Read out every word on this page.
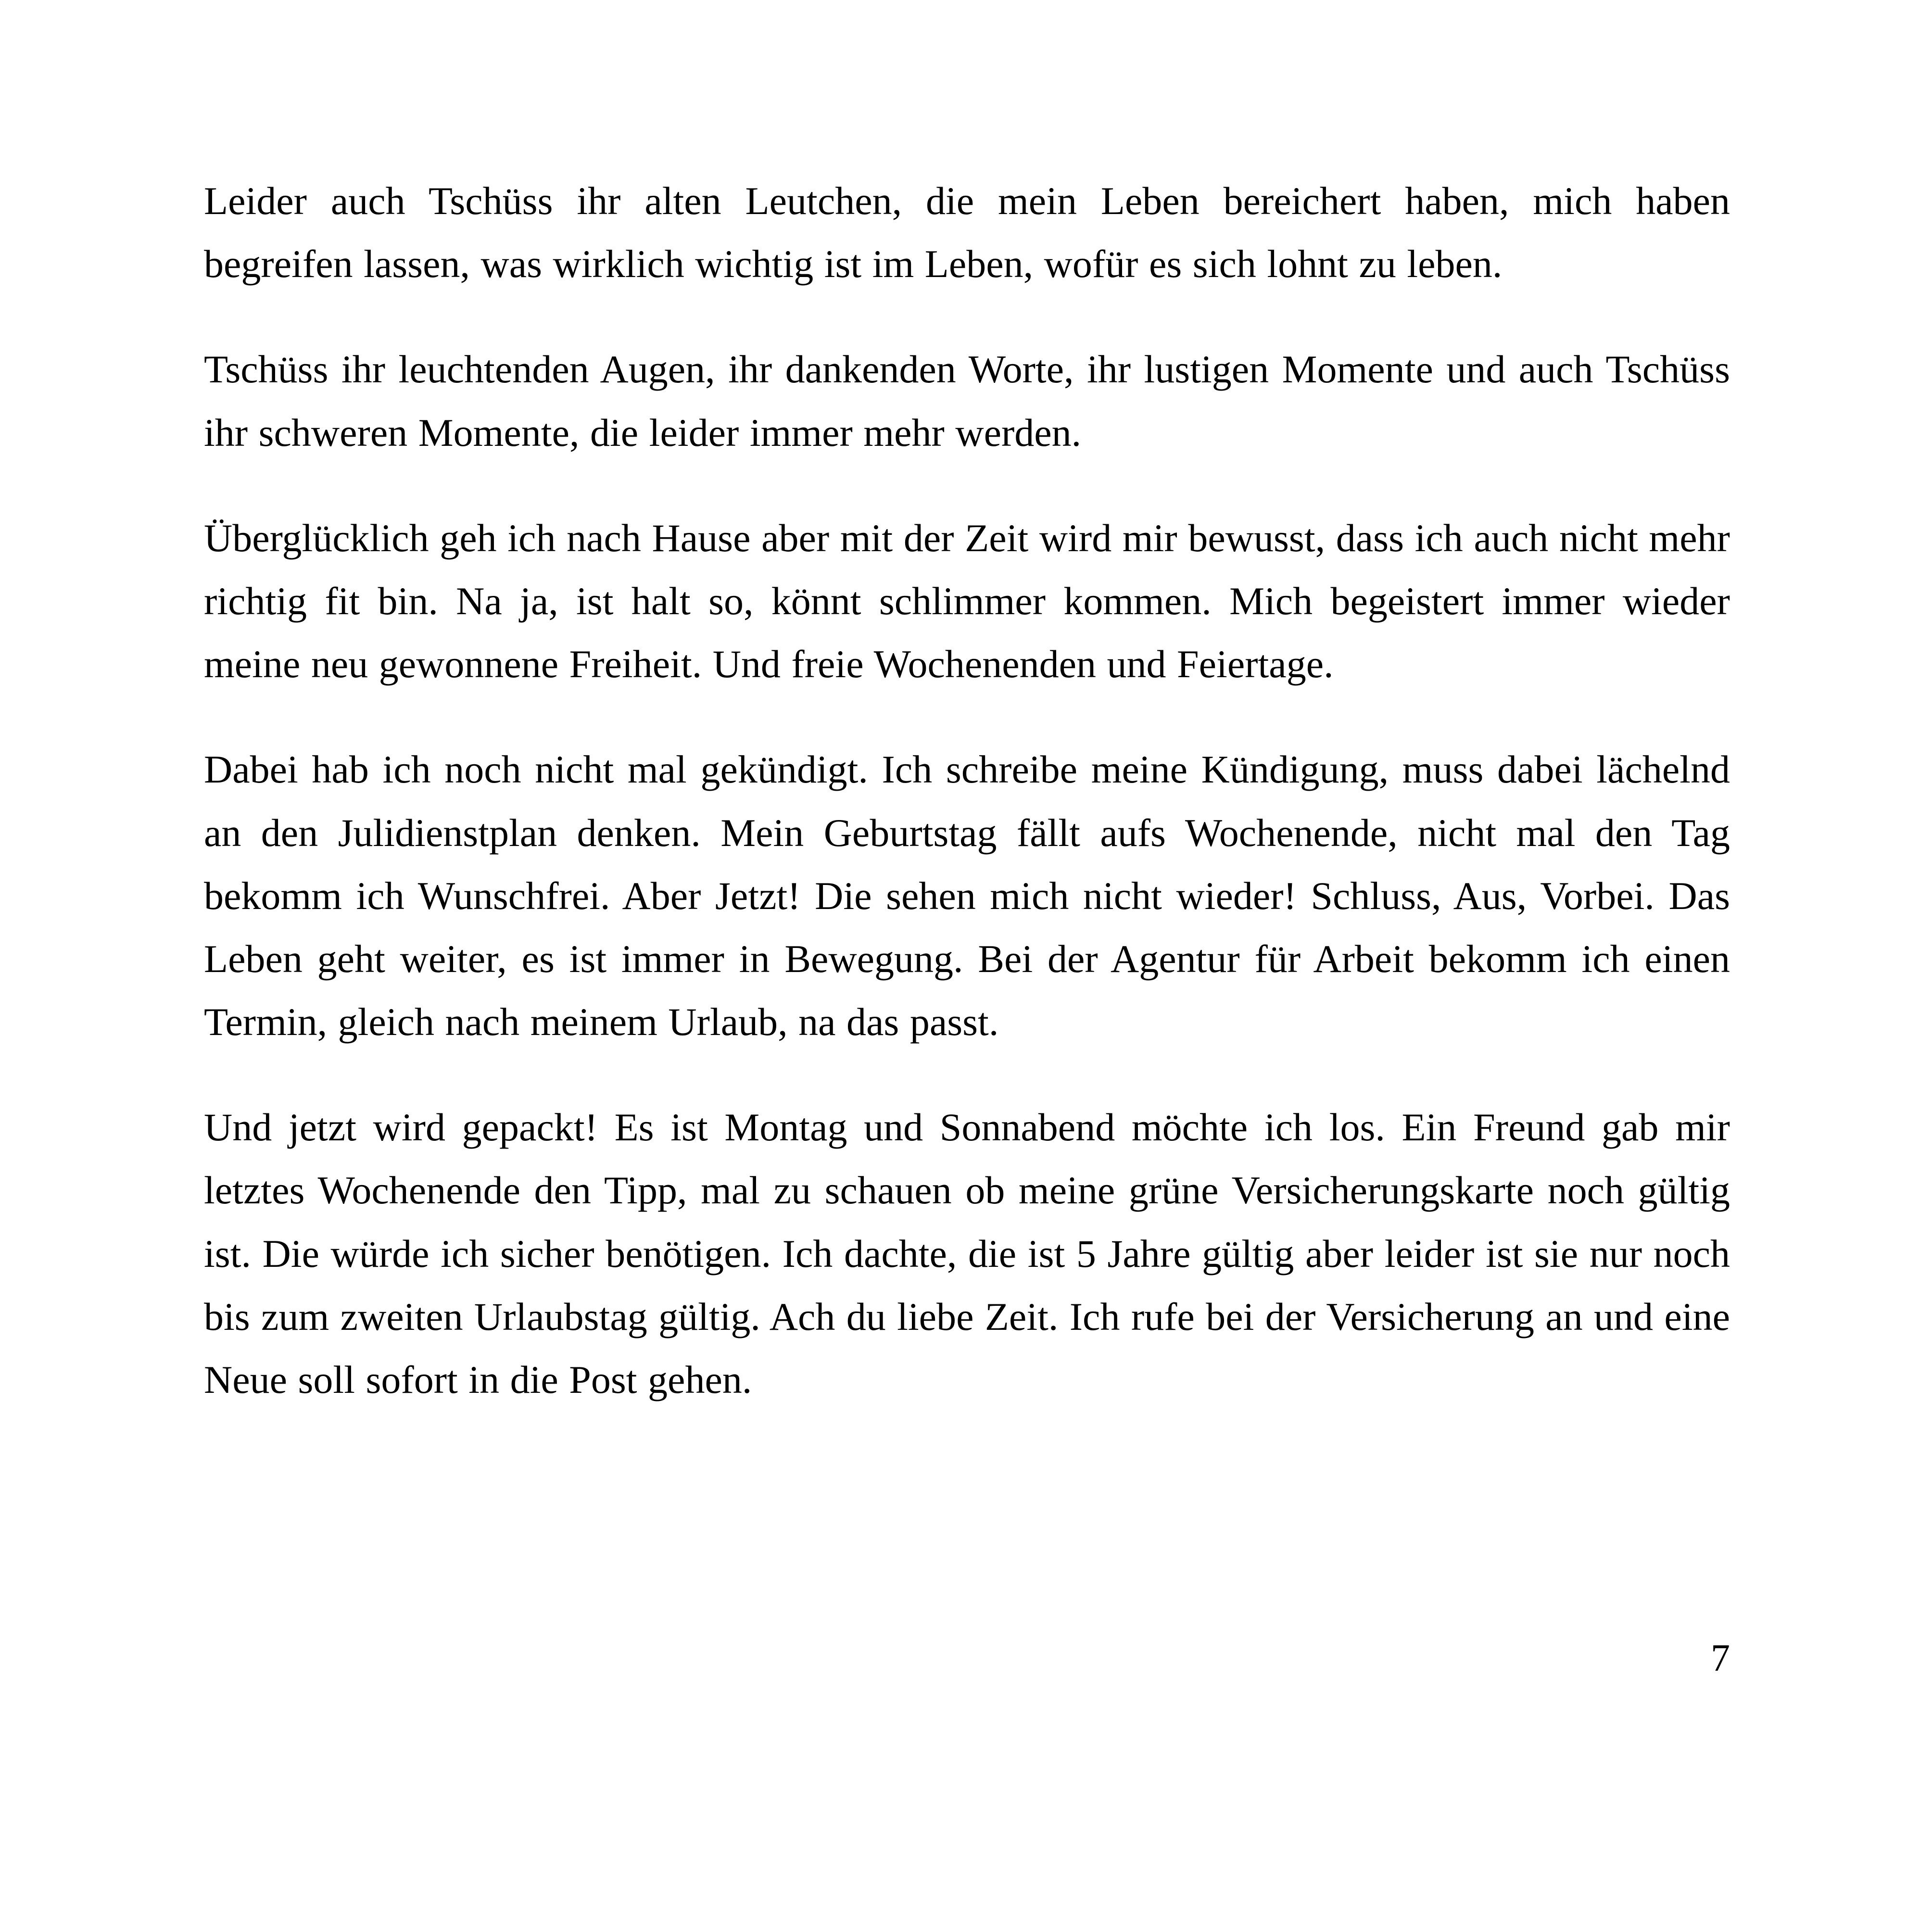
Leider auch Tschüss ihr alten Leutchen, die mein Leben bereichert haben, mich haben begreifen lassen, was wirklich wichtig ist im Leben, wofür es sich lohnt zu leben.

Tschüss ihr leuchtenden Augen, ihr dankenden Worte, ihr lustigen Momente und auch Tschüss ihr schweren Momente, die leider immer mehr werden.

Überglücklich geh ich nach Hause aber mit der Zeit wird mir bewusst, dass ich auch nicht mehr richtig fit bin. Na ja, ist halt so, könnt schlimmer kommen. Mich begeistert immer wieder meine neu gewonnene Freiheit. Und freie Wochenenden und Feiertage.

Dabei hab ich noch nicht mal gekündigt. Ich schreibe meine Kündigung, muss dabei lächelnd an den Julidienstplan denken. Mein Geburtstag fällt aufs Wochenende, nicht mal den Tag bekomm ich Wunschfrei. Aber Jetzt! Die sehen mich nicht wieder! Schluss, Aus, Vorbei. Das Leben geht weiter, es ist immer in Bewegung. Bei der Agentur für Arbeit bekomm ich einen Termin, gleich nach meinem Urlaub, na das passt.

Und jetzt wird gepackt! Es ist Montag und Sonnabend möchte ich los. Ein Freund gab mir letztes Wochenende den Tipp, mal zu schauen ob meine grüne Versicherungskarte noch gültig ist. Die würde ich sicher benötigen. Ich dachte, die ist 5 Jahre gültig aber leider ist sie nur noch bis zum zweiten Urlaubstag gültig. Ach du liebe Zeit. Ich rufe bei der Versicherung an und eine Neue soll sofort in die Post gehen.

7
